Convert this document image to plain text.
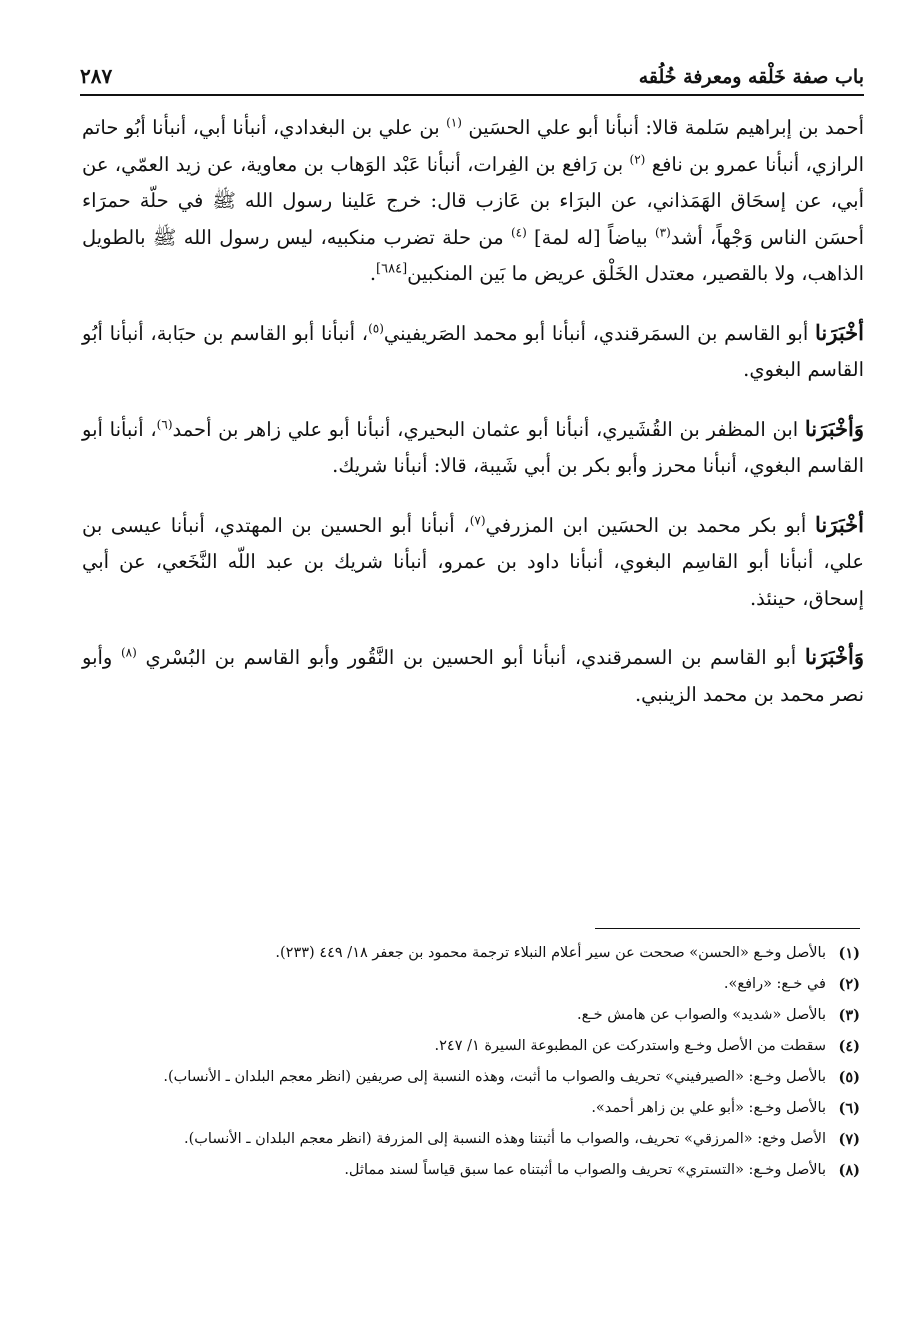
باب صفة خَلْقه ومعرفة خُلُقه
٢٨٧

أحمد بن إبراهيم سَلمة قالا: أنبأنا أبو علي الحسَين $^{(١)}$ بن علي بن البغدادي، أنبأنا أبي، أنبأنا أبُو حاتم الرازي، أنبأنا عمرو بن نافع $^{(٢)}$ بن رَافع بن الفِرات، أنبأنا عَبْد الوَهاب بن معاوية، عن زيد العمّي، عن أبي، عن إسحَاق الهَمَذاني، عن البرَاء بن عَازب قال: خرج عَلينا رسول الله ﷺ في حلّة حمرَاء أحسَن الناس وَجْهاً، أشد$^{(٣)}$ بياضاً [له لمة] $^{(٤)}$ من حلة تضرب منكبيه، ليس رسول الله ﷺ بالطويل الذاهب، ولا بالقصير، معتدل الخَلْق عريض ما بَين المنكبين[٦٨٤].

أخْبَرَنا أبو القاسم بن السمَرقندي، أنبأنا أبو محمد الصَريفيني$^{(٥)}$، أنبأنا أبو القاسم بن حبَابة، أنبأنا أبُو القاسم البغوي.

وَأخْبَرَنا ابن المظفر بن القُشَيري، أنبأنا أبو عثمان البحيري، أنبأنا أبو علي زاهر بن أحمد$^{(٦)}$، أنبأنا أبو القاسم البغوي، أنبأنا محرز وأبو بكر بن أبي شَيبة، قالا: أنبأنا شريك.

أخْبَرَنا أبو بكر محمد بن الحسَين ابن المزرفي$^{(٧)}$، أنبأنا أبو الحسين بن المهتدي، أنبأنا عيسى بن علي، أنبأنا أبو القاسِم البغوي، أنبأنا داود بن عمرو، أنبأنا شريك بن عبد اللّه النَّخَعي، عن أبي إسحاق، حينئذ.

وَأخْبَرَنا أبو القاسم بن السمرقندي، أنبأنا أبو الحسين بن النَّقُور وأبو القاسم بن البُسْري $^{(٨)}$ وأبو نصر محمد بن محمد الزينبي.

(١)
بالأصل وخـع «الحسن» صححت عن سير أعلام النبلاء ترجمة محمود بن جعفر ١٨/ ٤٤٩ (٢٣٣).
(٢)
في خـع: «رافع».
(٣)
بالأصل «شديد» والصواب عن هامش خـع.
(٤)
سقطت من الأصل وخـع واستدركت عن المطبوعة السيرة ١/ ٢٤٧.
(٥)
بالأصل وخـع: «الصيرفيني» تحريف والصواب ما أثبت، وهذه النسبة إلى صريفين (انظر معجم البلدان ـ الأنساب).
(٦)
بالأصل وخـع: «أبو علي بن زاهر أحمد».
(٧)
الأصل وخع: «المرزقي» تحريف، والصواب ما أثبتنا وهذه النسبة إلى المزرفة (انظر معجم البلدان ـ الأنساب).
(٨)
بالأصل وخـع: «التستري» تحريف والصواب ما أثبتناه عما سبق قياساً لسند مماثل.
